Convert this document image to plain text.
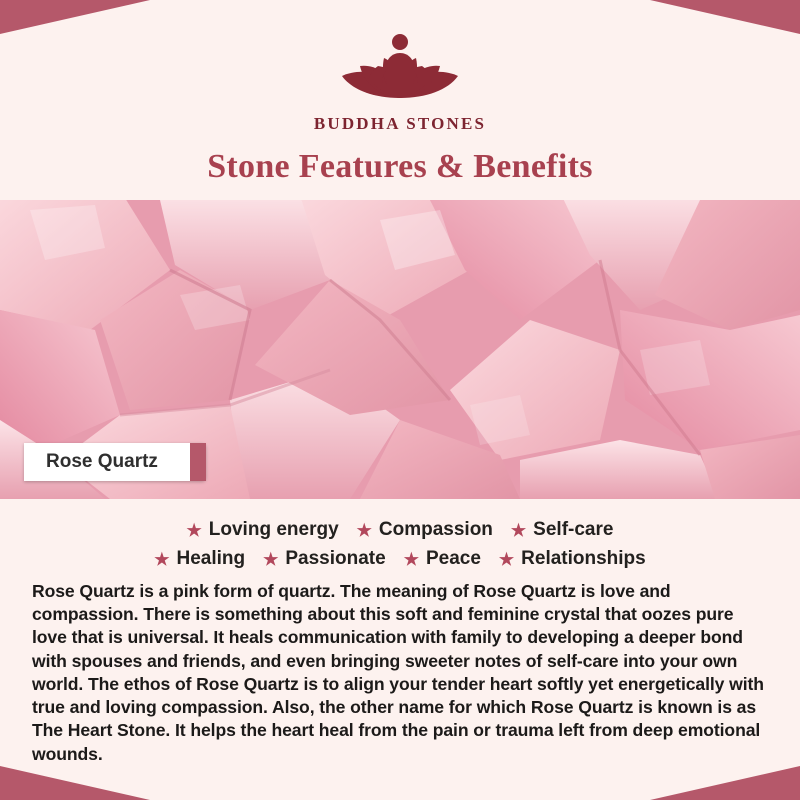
BUDDHA STONES
Stone Features & Benefits
Rose Quartz
★ Loving energy ★ Compassion ★ Self-care
★ Healing ★ Passionate ★ Peace ★ Relationships

Rose Quartz is a pink form of quartz. The meaning of Rose Quartz is love and compassion. There is something about this soft and feminine crystal that oozes pure love that is universal. It heals communication with family to developing a deeper bond with spouses and friends, and even bringing sweeter notes of self-care into your own world. The ethos of Rose Quartz is to align your tender heart softly yet energetically with true and loving compassion. Also, the other name for which Rose Quartz is known is as The Heart Stone. It helps the heart heal from the pain or trauma left from deep emotional wounds.
